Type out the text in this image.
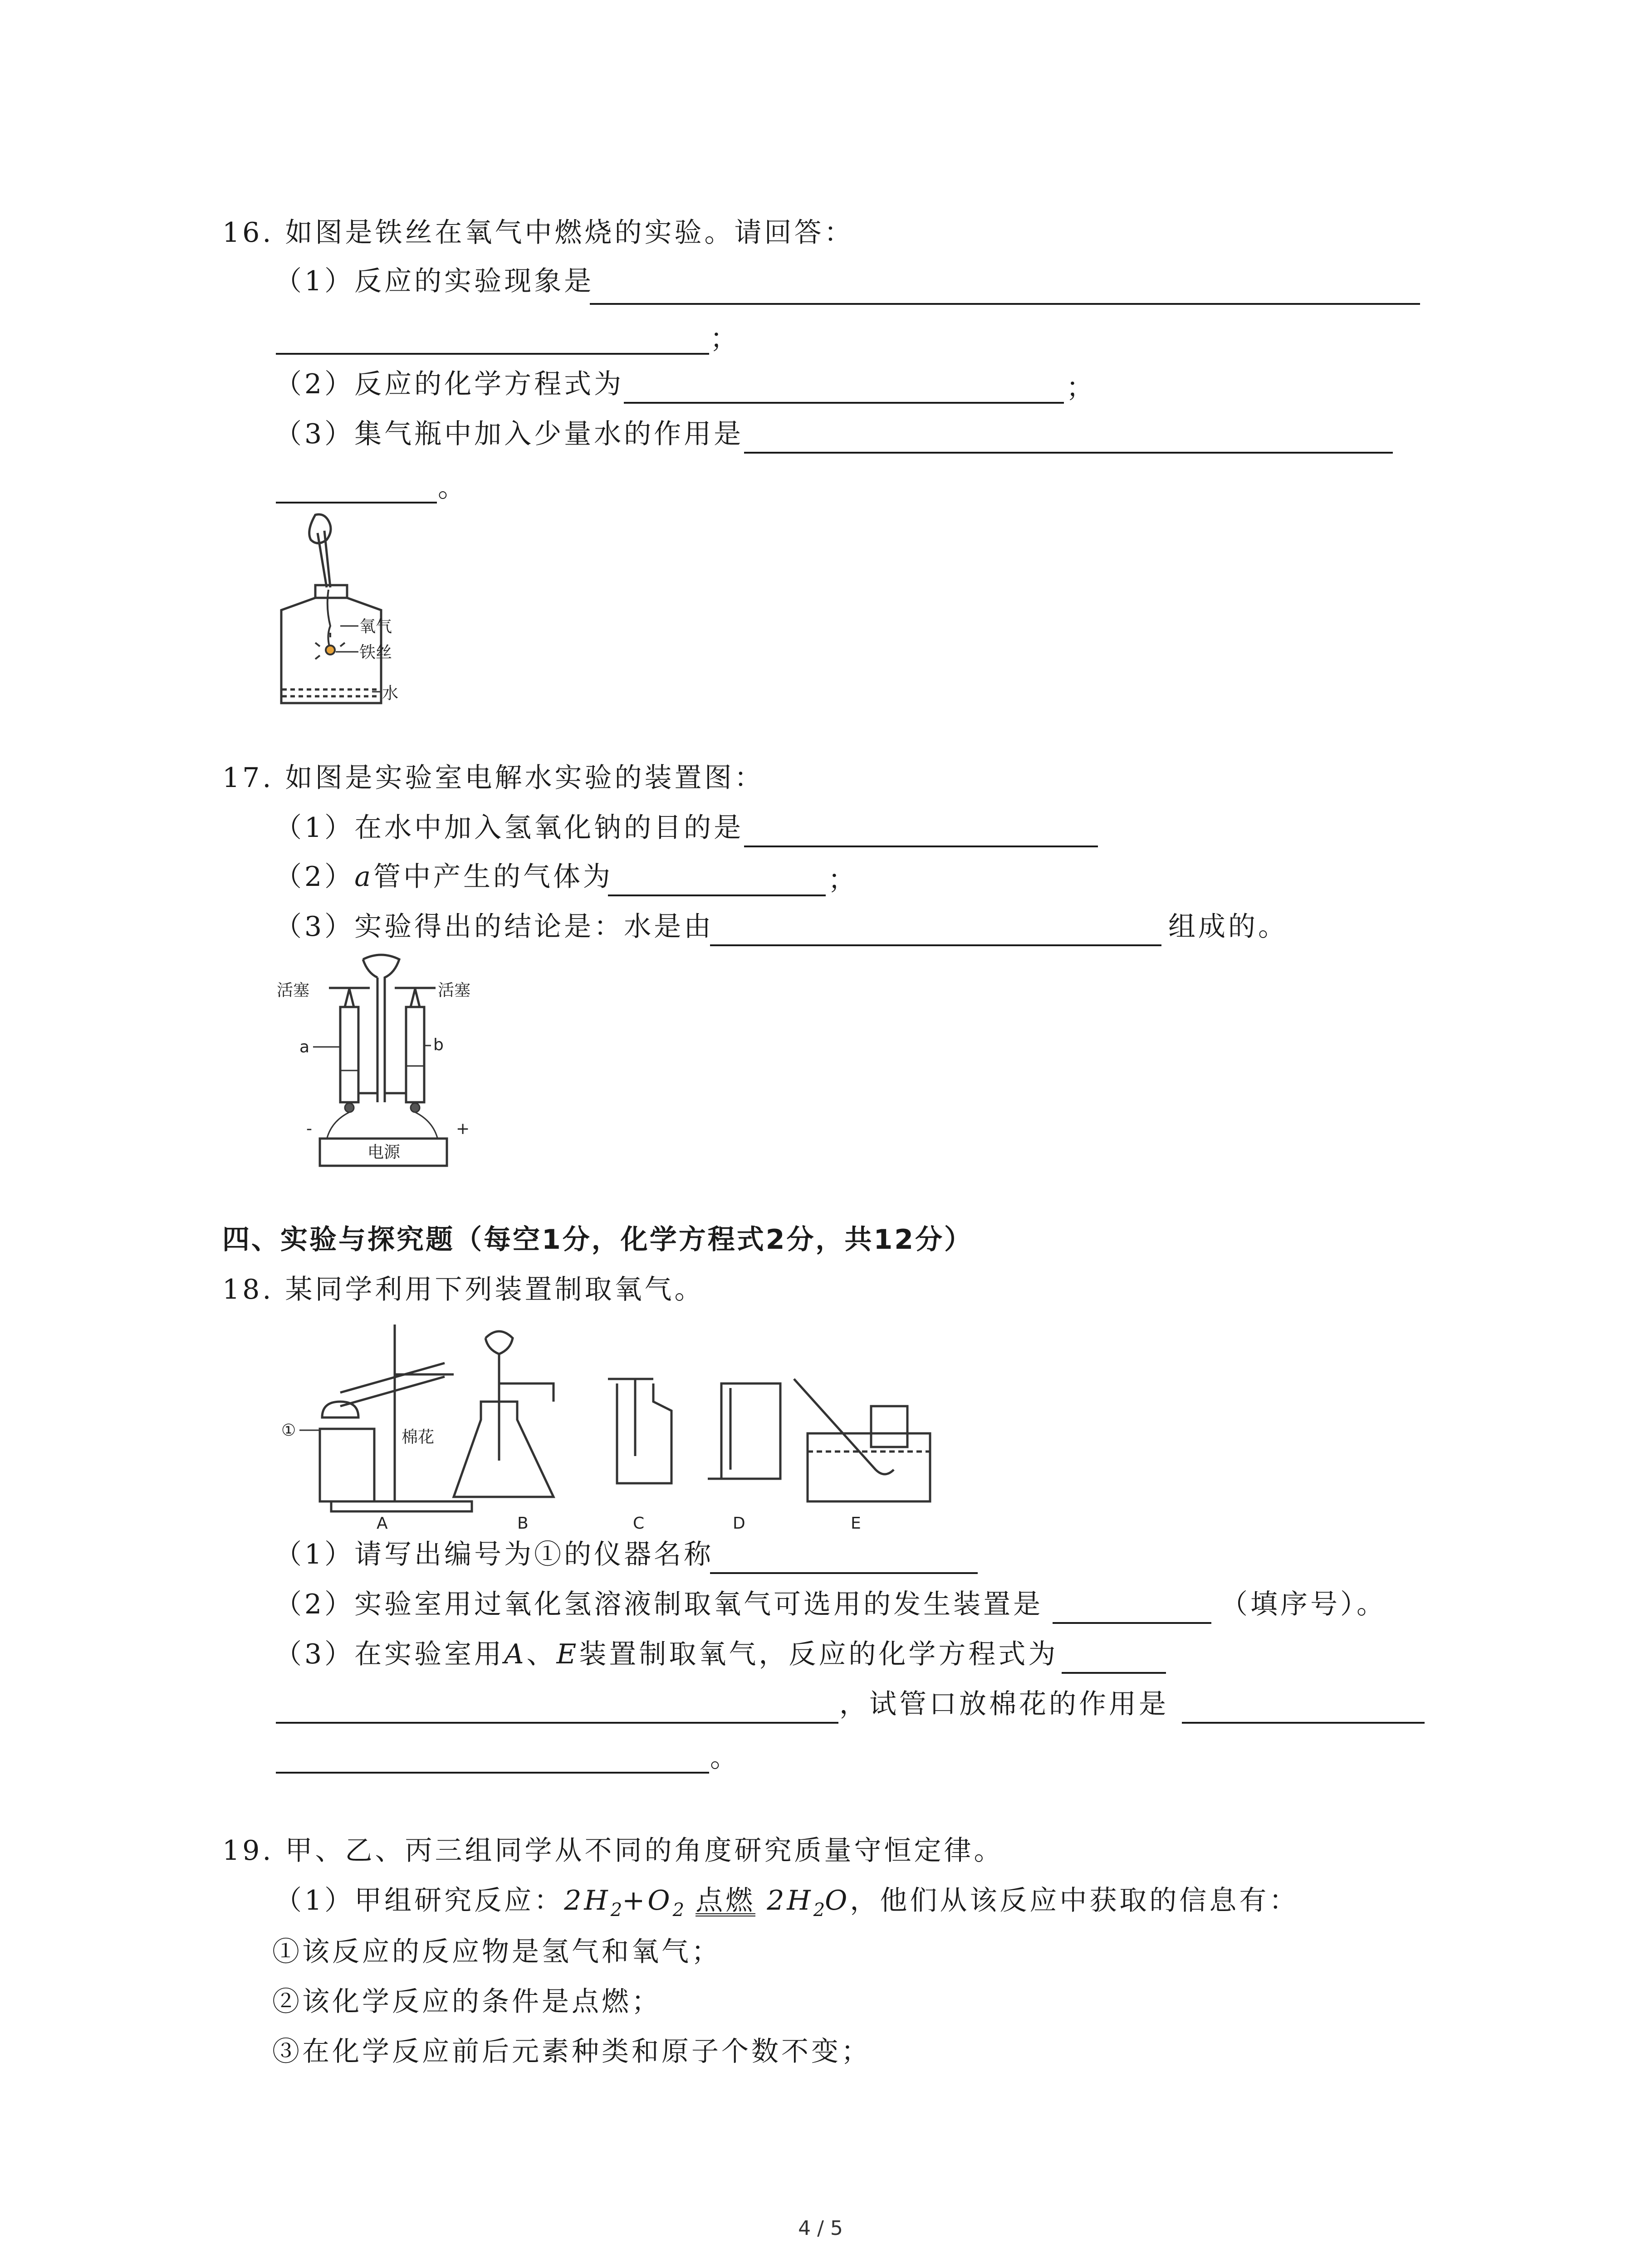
16. 如图是铁丝在氧气中燃烧的实验。请回答：
（1）反应的实验现象是
；
（2）反应的化学方程式为	；
（3）集气瓶中加入少量水的作用是
。
氧气
铁丝
水
17. 如图是实验室电解水实验的装置图：
（1）在水中加入氢氧化钠的目的是
（2）a管中产生的气体为	；
（3）实验得出的结论是：水是由	组成的。
活塞	活塞
a	b
-	+
电源
四、实验与探究题（每空1分，化学方程式2分，共12分）
18. 某同学利用下列装置制取氧气。
①	棉花
A	B	C	D	E
（1）请写出编号为①的仪器名称
（2）实验室用过氧化氢溶液制取氧气可选用的发生装置是	（填序号）。
（3）在实验室用A、E装置制取氧气，反应的化学方程式为
，试管口放棉花的作用是
。
19. 甲、乙、丙三组同学从不同的角度研究质量守恒定律。
（1）甲组研究反应：$2H_2+O_2$ 点燃 $2H_2O$，他们从该反应中获取的信息有：
①该反应的反应物是氢气和氧气；
②该化学反应的条件是点燃；
③在化学反应前后元素种类和原子个数不变；
4 / 5
